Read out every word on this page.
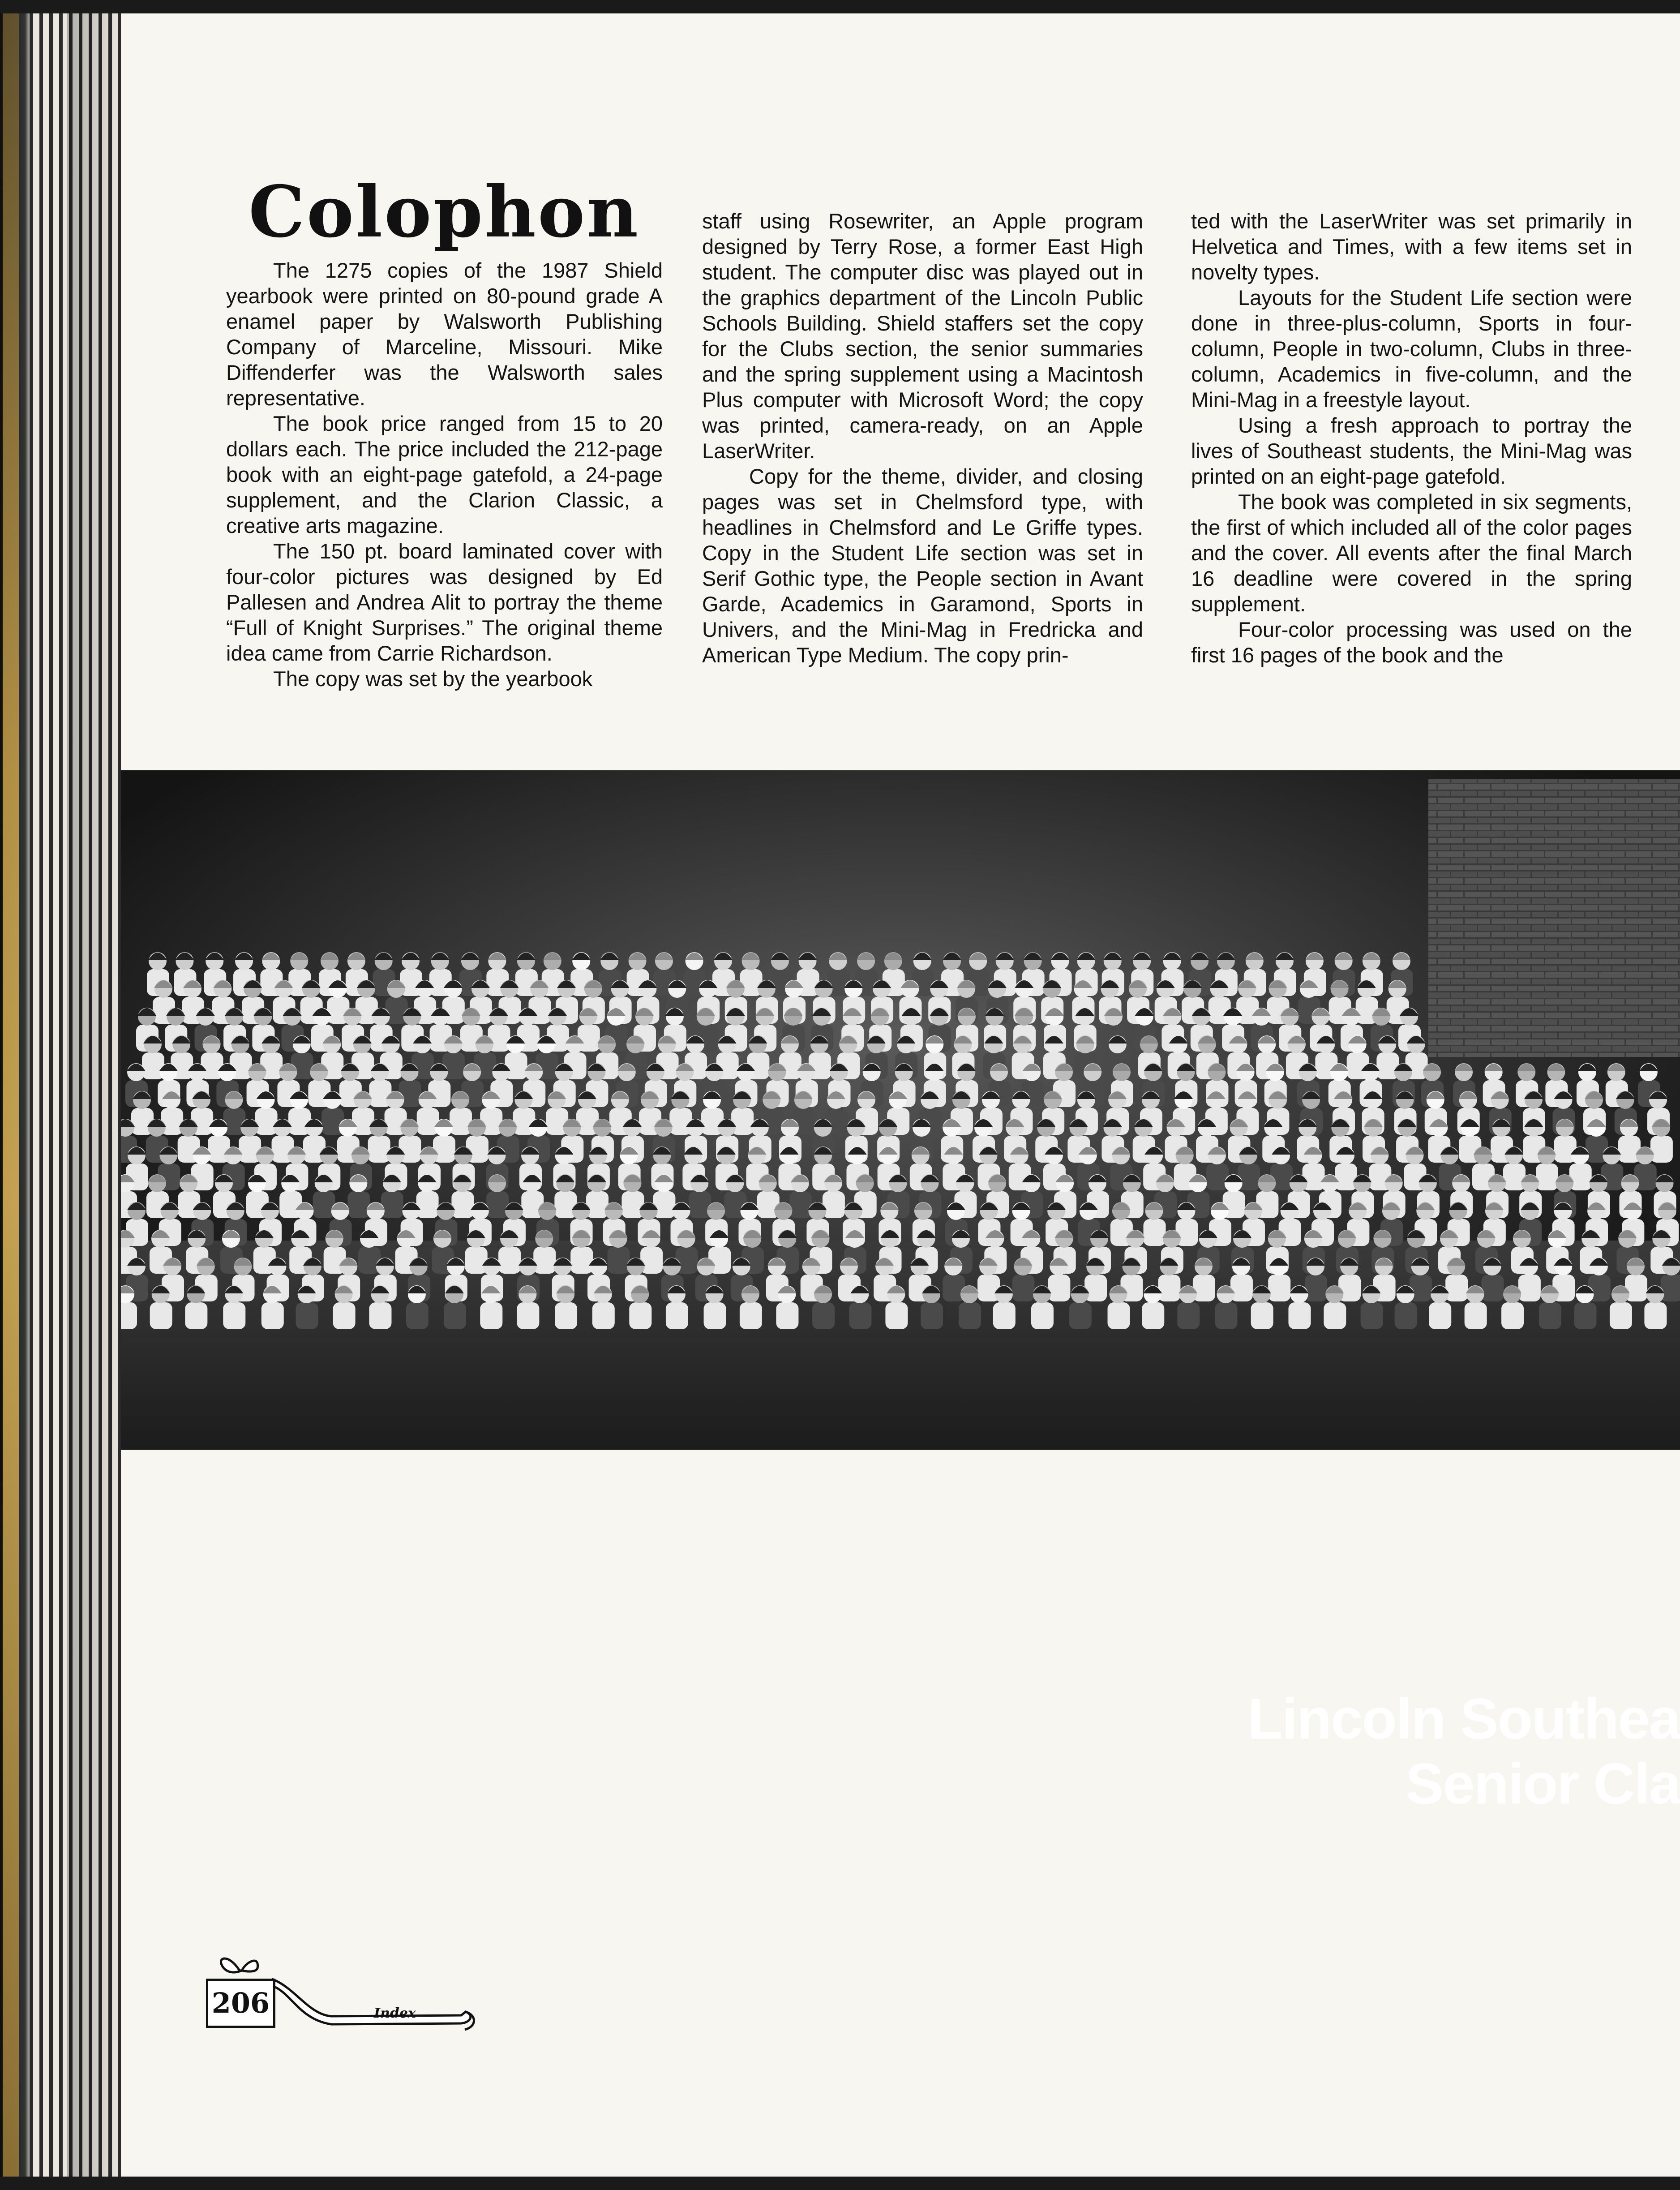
Colophon

The 1275 copies of the 1987 Shield yearbook were printed on 80-pound grade A enamel paper by Walsworth Publishing Company of Marceline, Missouri. Mike Diffenderfer was the Walsworth sales representative.

The book price ranged from 15 to 20 dollars each. The price included the 212-page book with an eight-page gatefold, a 24-page supplement, and the Clarion Classic, a creative arts magazine.

The 150 pt. board laminated cover with four-color pictures was designed by Ed Pallesen and Andrea Alit to portray the theme “Full of Knight Surprises.” The original theme idea came from Carrie Richardson.

The copy was set by the yearbook

staff using Rosewriter, an Apple program designed by Terry Rose, a former East High student. The computer disc was played out in the graphics department of the Lincoln Public Schools Building. Shield staffers set the copy for the Clubs section, the senior summaries and the spring supplement using a Macintosh Plus computer with Microsoft Word; the copy was printed, camera-ready, on an Apple LaserWriter.

Copy for the theme, divider, and closing pages was set in Chelmsford type, with headlines in Chelmsford and Le Griffe types. Copy in the Student Life section was set in Serif Gothic type, the People section in Avant Garde, Academics in Garamond, Sports in Univers, and the Mini-Mag in Fredricka and American Type Medium. The copy prin-

ted with the LaserWriter was set primarily in Helvetica and Times, with a few items set in novelty types.

Layouts for the Student Life section were done in three-plus-column, Sports in four-column, People in two-column, Clubs in three-column, Academics in five-column, and the Mini-Mag in a freestyle layout.

Using a fresh approach to portray the lives of Southeast students, the Mini-Mag was printed on an eight-page gatefold.

The book was completed in six segments, the first of which included all of the color pages and the cover. All events after the final March 16 deadline were covered in the spring supplement.

Four-color processing was used on the first 16 pages of the book and the

Lincoln Southea
Senior Cla
206	Index
